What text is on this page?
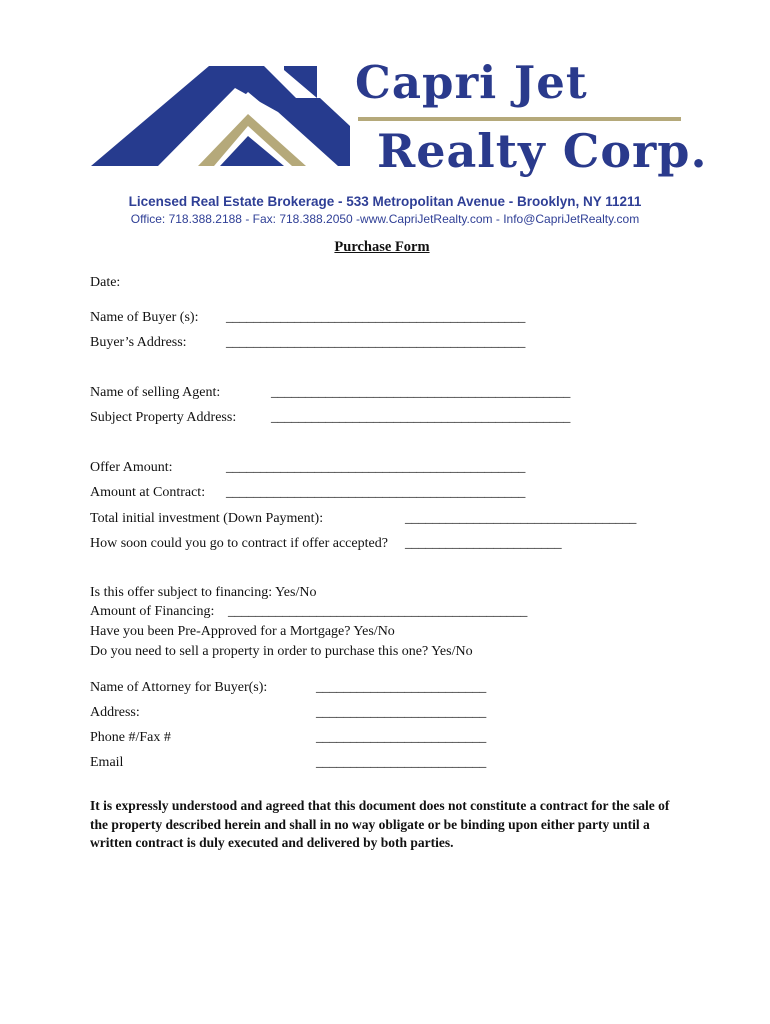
Capri Jet
Realty Corp.
Licensed Real Estate Brokerage - 533 Metropolitan Avenue - Brooklyn, NY 11211
Office: 718.388.2188 - Fax: 718.388.2050 -www.CapriJetRealty.com - Info@CapriJetRealty.com
Purchase Form
Date:
Name of Buyer (s): ____________________________________________
Buyer’s Address:	____________________________________________
Name of selling Agent:	____________________________________________
Subject Property Address: ____________________________________________
Offer Amount:	____________________________________________
Amount at Contract: ____________________________________________
Total initial investment (Down Payment):	__________________________________
How soon could you go to contract if offer accepted? _______________________
Is this offer subject to financing: Yes/No
Amount of Financing: ____________________________________________
Have you been Pre-Approved for a Mortgage? Yes/No
Do you need to sell a property in order to purchase this one? Yes/No
Name of Attorney for Buyer(s):	_________________________
Address:	_________________________
Phone #/Fax #	_________________________
Email	_________________________
It is expressly understood and agreed that this document does not constitute a contract for the sale of the property described herein and shall in no way obligate or be binding upon either party until a written contract is duly executed and delivered by both parties.
